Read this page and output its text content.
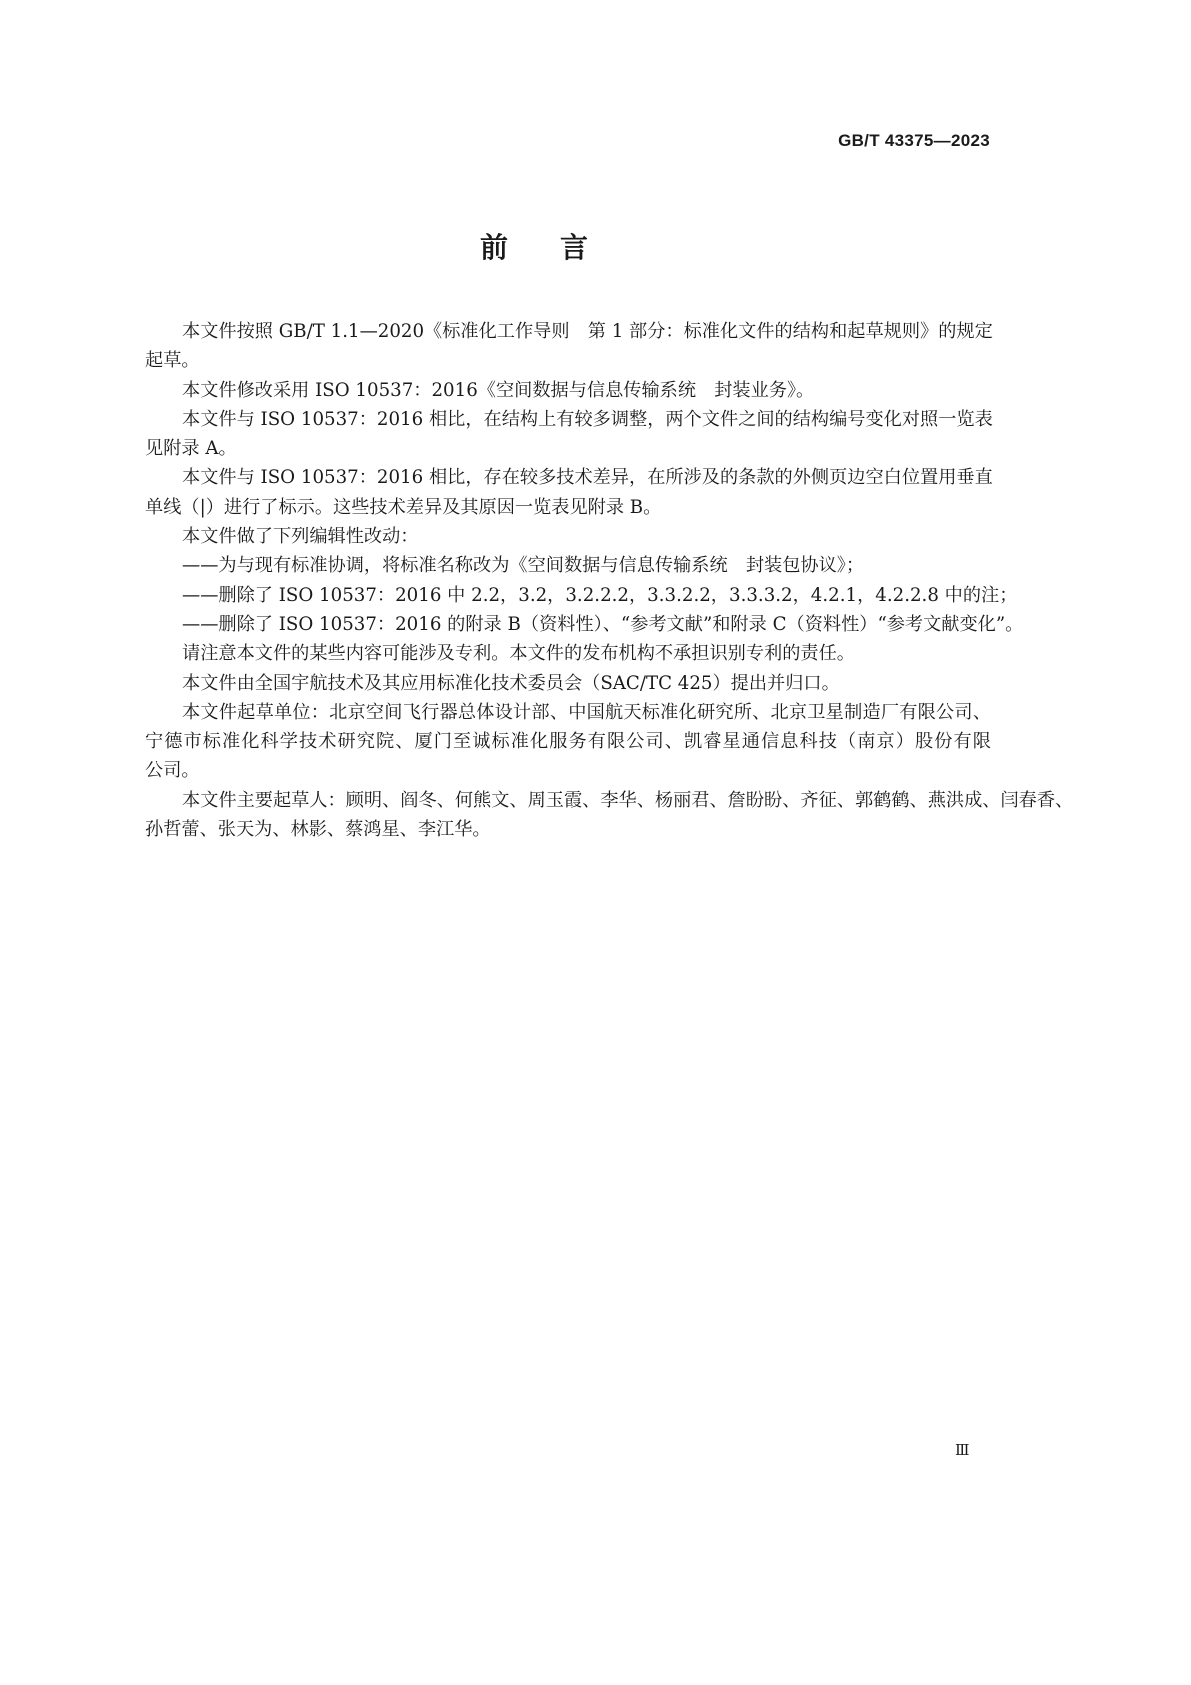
GB/T 43375—2023
前言
本文件按照 GB/T 1.1—2020《标准化工作导则　第 1 部分：标准化文件的结构和起草规则》的规定
起草。
本文件修改采用 ISO 10537：2016《空间数据与信息传输系统　封装业务》。
本文件与 ISO 10537：2016 相比，在结构上有较多调整，两个文件之间的结构编号变化对照一览表
见附录 A。
本文件与 ISO 10537：2016 相比，存在较多技术差异，在所涉及的条款的外侧页边空白位置用垂直
单线（|）进行了标示。这些技术差异及其原因一览表见附录 B。
本文件做了下列编辑性改动：
——为与现有标准协调，将标准名称改为《空间数据与信息传输系统　封装包协议》；
——删除了 ISO 10537：2016 中 2.2，3.2，3.2.2.2，3.3.2.2，3.3.3.2，4.2.1，4.2.2.8 中的注；
——删除了 ISO 10537：2016 的附录 B（资料性）、“参考文献”和附录 C（资料性）“参考文献变化”。
请注意本文件的某些内容可能涉及专利。本文件的发布机构不承担识别专利的责任。
本文件由全国宇航技术及其应用标准化技术委员会（SAC/TC 425）提出并归口。
本文件起草单位：北京空间飞行器总体设计部、中国航天标准化研究所、北京卫星制造厂有限公司、
宁德市标准化科学技术研究院、厦门至诚标准化服务有限公司、凯睿星通信息科技（南京）股份有限
公司。
本文件主要起草人：顾明、阎冬、何熊文、周玉霞、李华、杨丽君、詹盼盼、齐征、郭鹤鹤、燕洪成、闫春香、
孙哲蕾、张天为、林影、蔡鸿星、李江华。
Ⅲ
